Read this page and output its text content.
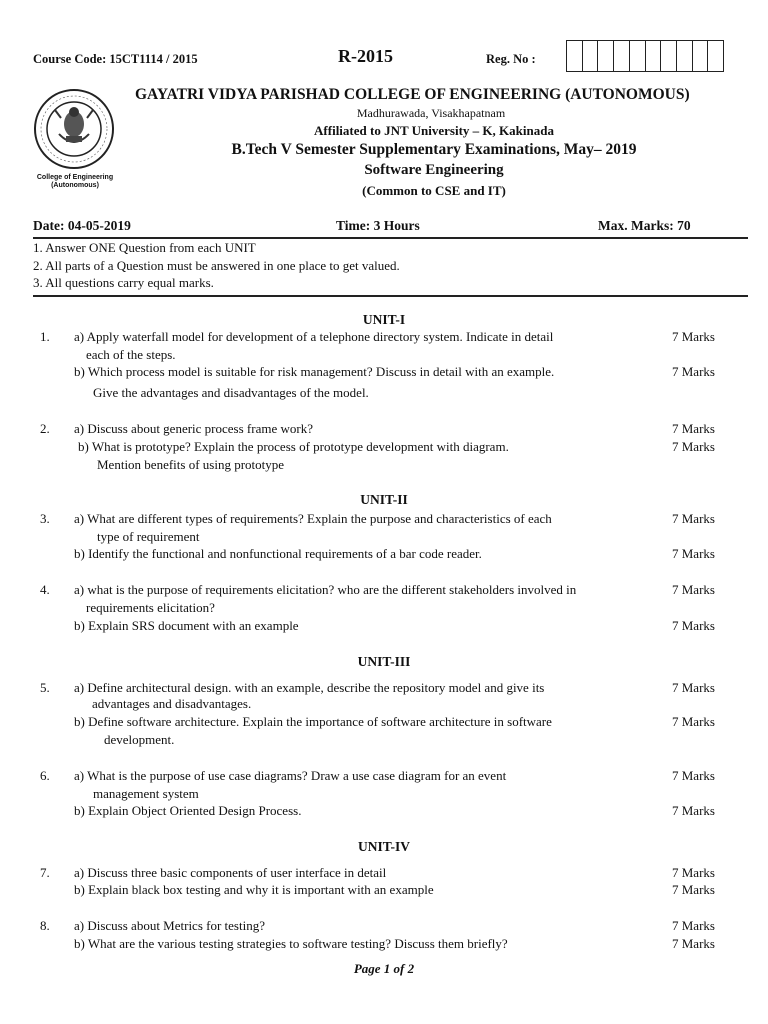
Course Code: 15CT1114 / 2015	R-2015	Reg. No :
College of Engineering
(Autonomous)
GAYATRI VIDYA PARISHAD COLLEGE OF ENGINEERING (AUTONOMOUS)
Madhurawada, Visakhapatnam
Affiliated to JNT University – K, Kakinada
B.Tech V Semester Supplementary Examinations, May– 2019
Software Engineering
(Common to CSE and IT)
Date: 04-05-2019	Time: 3 Hours	Max. Marks: 70
1. Answer ONE Question from each UNIT
2. All parts of a Question must be answered in one place to get valued.
3. All questions carry equal marks.
UNIT-I
1. a) Apply waterfall model for development of a telephone directory system. Indicate in detail	7 Marks
each of the steps.
b) Which process model is suitable for risk management? Discuss in detail with an example.	7 Marks
Give the advantages and disadvantages of the model.
2. a) Discuss about generic process frame work?	7 Marks
b) What is prototype? Explain the process of prototype development with diagram.	7 Marks
Mention benefits of using prototype
UNIT-II
3. a) What are different types of requirements? Explain the purpose and characteristics of each	7 Marks
type of requirement
b) Identify the functional and nonfunctional requirements of a bar code reader.	7 Marks
4. a) what is the purpose of requirements elicitation? who are the different stakeholders involved in	7 Marks
requirements elicitation?
b) Explain SRS document with an example	7 Marks
UNIT-III
5. a) Define architectural design. with an example, describe the repository model and give its	7 Marks
advantages and disadvantages.
b) Define software architecture. Explain the importance of software architecture in software	7 Marks
development.
6. a) What is the purpose of use case diagrams? Draw a use case diagram for an event	7 Marks
management system
b) Explain Object Oriented Design Process.	7 Marks
UNIT-IV
7. a) Discuss three basic components of user interface in detail	7 Marks
b) Explain black box testing and why it is important with an example	7 Marks
8. a) Discuss about Metrics for testing?	7 Marks
b) What are the various testing strategies to software testing? Discuss them briefly?	7 Marks
Page 1 of 2
